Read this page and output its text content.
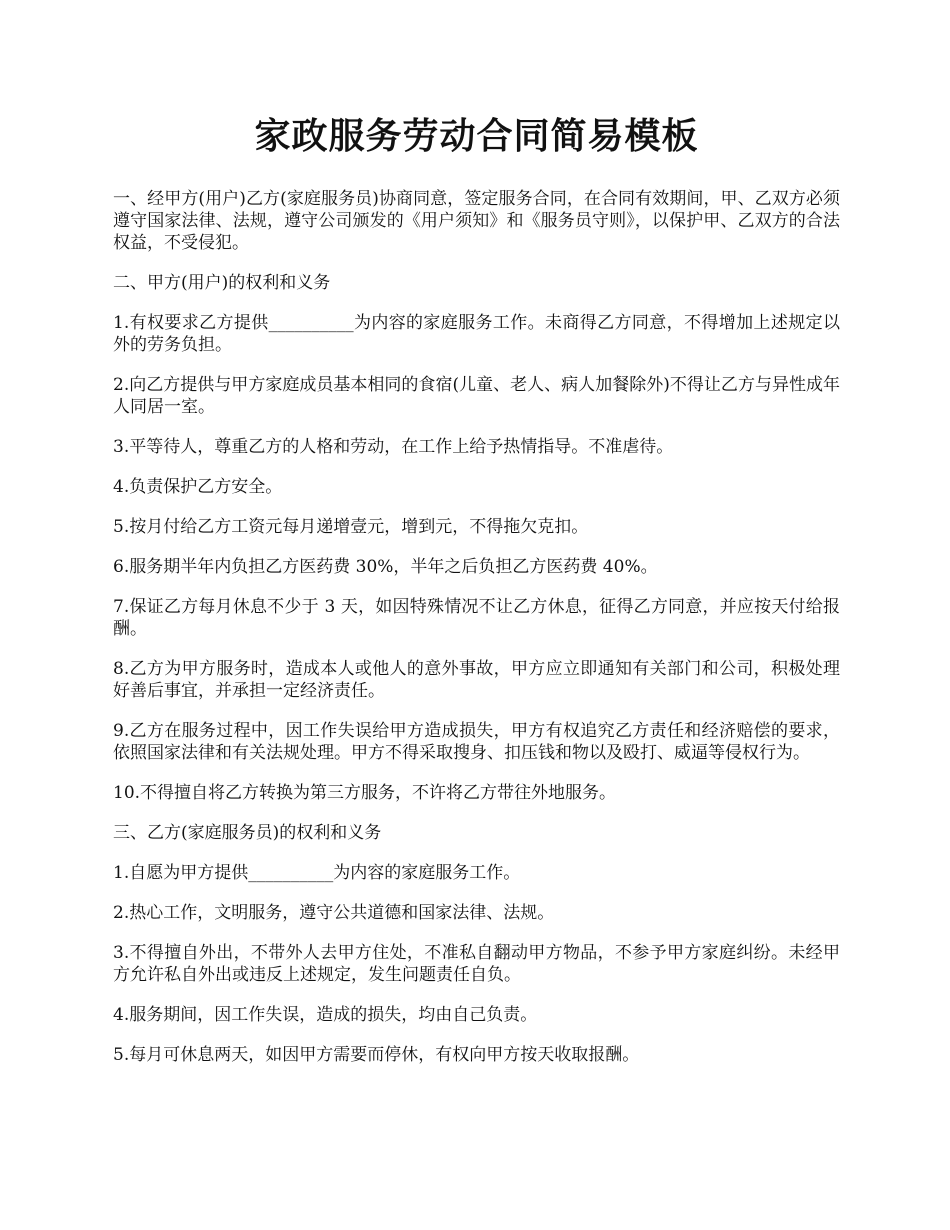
家政服务劳动合同简易模板

一、经甲方(用户)乙方(家庭服务员)协商同意，签定服务合同，在合同有效期间，甲、乙双方必须遵守国家法律、法规，遵守公司颁发的《用户须知》和《服务员守则》，以保护甲、乙双方的合法权益，不受侵犯。

二、甲方(用户)的权利和义务

1.有权要求乙方提供__________为内容的家庭服务工作。未商得乙方同意，不得增加上述规定以外的劳务负担。

2.向乙方提供与甲方家庭成员基本相同的食宿(儿童、老人、病人加餐除外)不得让乙方与异性成年人同居一室。

3.平等待人，尊重乙方的人格和劳动，在工作上给予热情指导。不准虐待。

4.负责保护乙方安全。

5.按月付给乙方工资元每月递增壹元，增到元，不得拖欠克扣。

6.服务期半年内负担乙方医药费 30%，半年之后负担乙方医药费 40%。

7.保证乙方每月休息不少于 3 天，如因特殊情况不让乙方休息，征得乙方同意，并应按天付给报酬。

8.乙方为甲方服务时，造成本人或他人的意外事故，甲方应立即通知有关部门和公司，积极处理好善后事宜，并承担一定经济责任。

9.乙方在服务过程中，因工作失误给甲方造成损失，甲方有权追究乙方责任和经济赔偿的要求，依照国家法律和有关法规处理。甲方不得采取搜身、扣压钱和物以及殴打、威逼等侵权行为。

10.不得擅自将乙方转换为第三方服务，不许将乙方带往外地服务。

三、乙方(家庭服务员)的权利和义务

1.自愿为甲方提供__________为内容的家庭服务工作。

2.热心工作，文明服务，遵守公共道德和国家法律、法规。

3.不得擅自外出，不带外人去甲方住处，不准私自翻动甲方物品，不参予甲方家庭纠纷。未经甲方允许私自外出或违反上述规定，发生问题责任自负。

4.服务期间，因工作失误，造成的损失，均由自己负责。

5.每月可休息两天，如因甲方需要而停休，有权向甲方按天收取报酬。
